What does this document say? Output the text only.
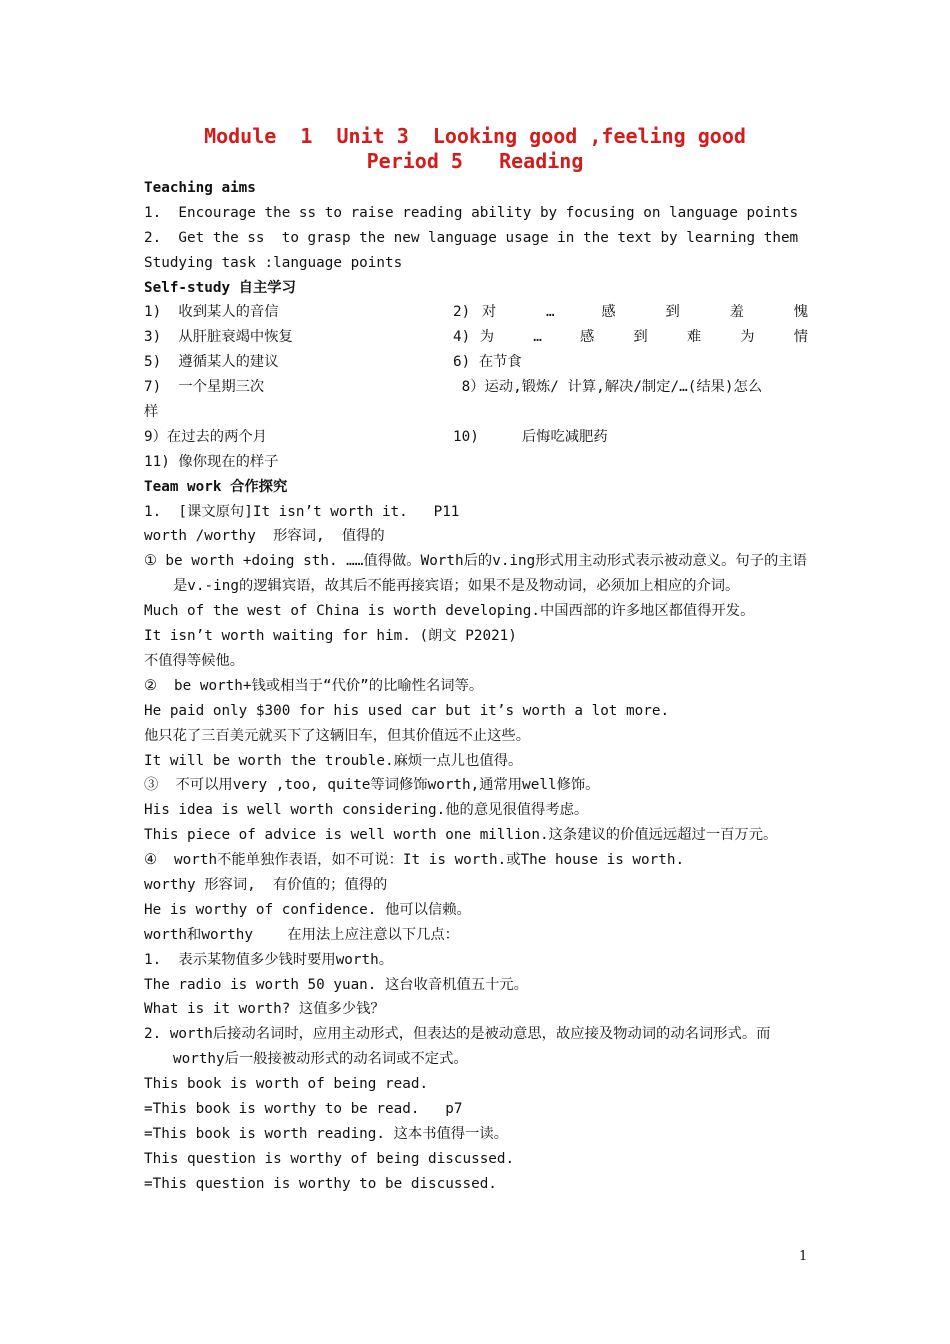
Module  1  Unit 3  Looking good ,feeling good
Period 5   Reading
Teaching aims
1.  Encourage the ss to raise reading ability by focusing on language points
2.  Get the ss  to grasp the new language usage in the text by learning them
Studying task :language points
Self-study 自主学习
1)  收到某人的音信	2) 对    …    感    到    羞    愧
3)  从肝脏衰竭中恢复	4) 为    …    感    到    难    为    情
5)  遵循某人的建议	6) 在节食
7)  一个星期三次	8）运动,锻炼/ 计算,解决/制定/…(结果)怎么
样
9）在过去的两个月	10)     后悔吃减肥药
11) 像你现在的样子
Team work 合作探究
1.  [课文原句]It isn’t worth it.   P11
worth /worthy  形容词,  值得的
① be worth +doing sth. ……值得做。Worth后的v.ing形式用主动形式表示被动意义。句子的主语是v.-ing的逻辑宾语，故其后不能再接宾语；如果不是及物动词，必须加上相应的介词。
Much of the west of China is worth developing.中国西部的许多地区都值得开发。
It isn’t worth waiting for him. (朗文 P2021)
不值得等候他。
②  be worth+钱或相当于“代价”的比喻性名词等。
He paid only $300 for his used car but it’s worth a lot more.
他只花了三百美元就买下了这辆旧车，但其价值远不止这些。
It will be worth the trouble.麻烦一点儿也值得。
③  不可以用very ,too, quite等词修饰worth,通常用well修饰。
His idea is well worth considering.他的意见很值得考虑。
This piece of advice is well worth one million.这条建议的价值远远超过一百万元。
④  worth不能单独作表语，如不可说：It is worth.或The house is worth.
worthy 形容词,  有价值的；值得的
He is worthy of confidence. 他可以信赖。
worth和worthy    在用法上应注意以下几点：
1.  表示某物值多少钱时要用worth。
The radio is worth 50 yuan. 这台收音机值五十元。
What is it worth? 这值多少钱？
2. worth后接动名词时，应用主动形式，但表达的是被动意思，故应接及物动词的动名词形式。而worthy后一般接被动形式的动名词或不定式。
This book is worth of being read.
=This book is worthy to be read.   p7
=This book is worth reading. 这本书值得一读。
This question is worthy of being discussed.
=This question is worthy to be discussed.
1
